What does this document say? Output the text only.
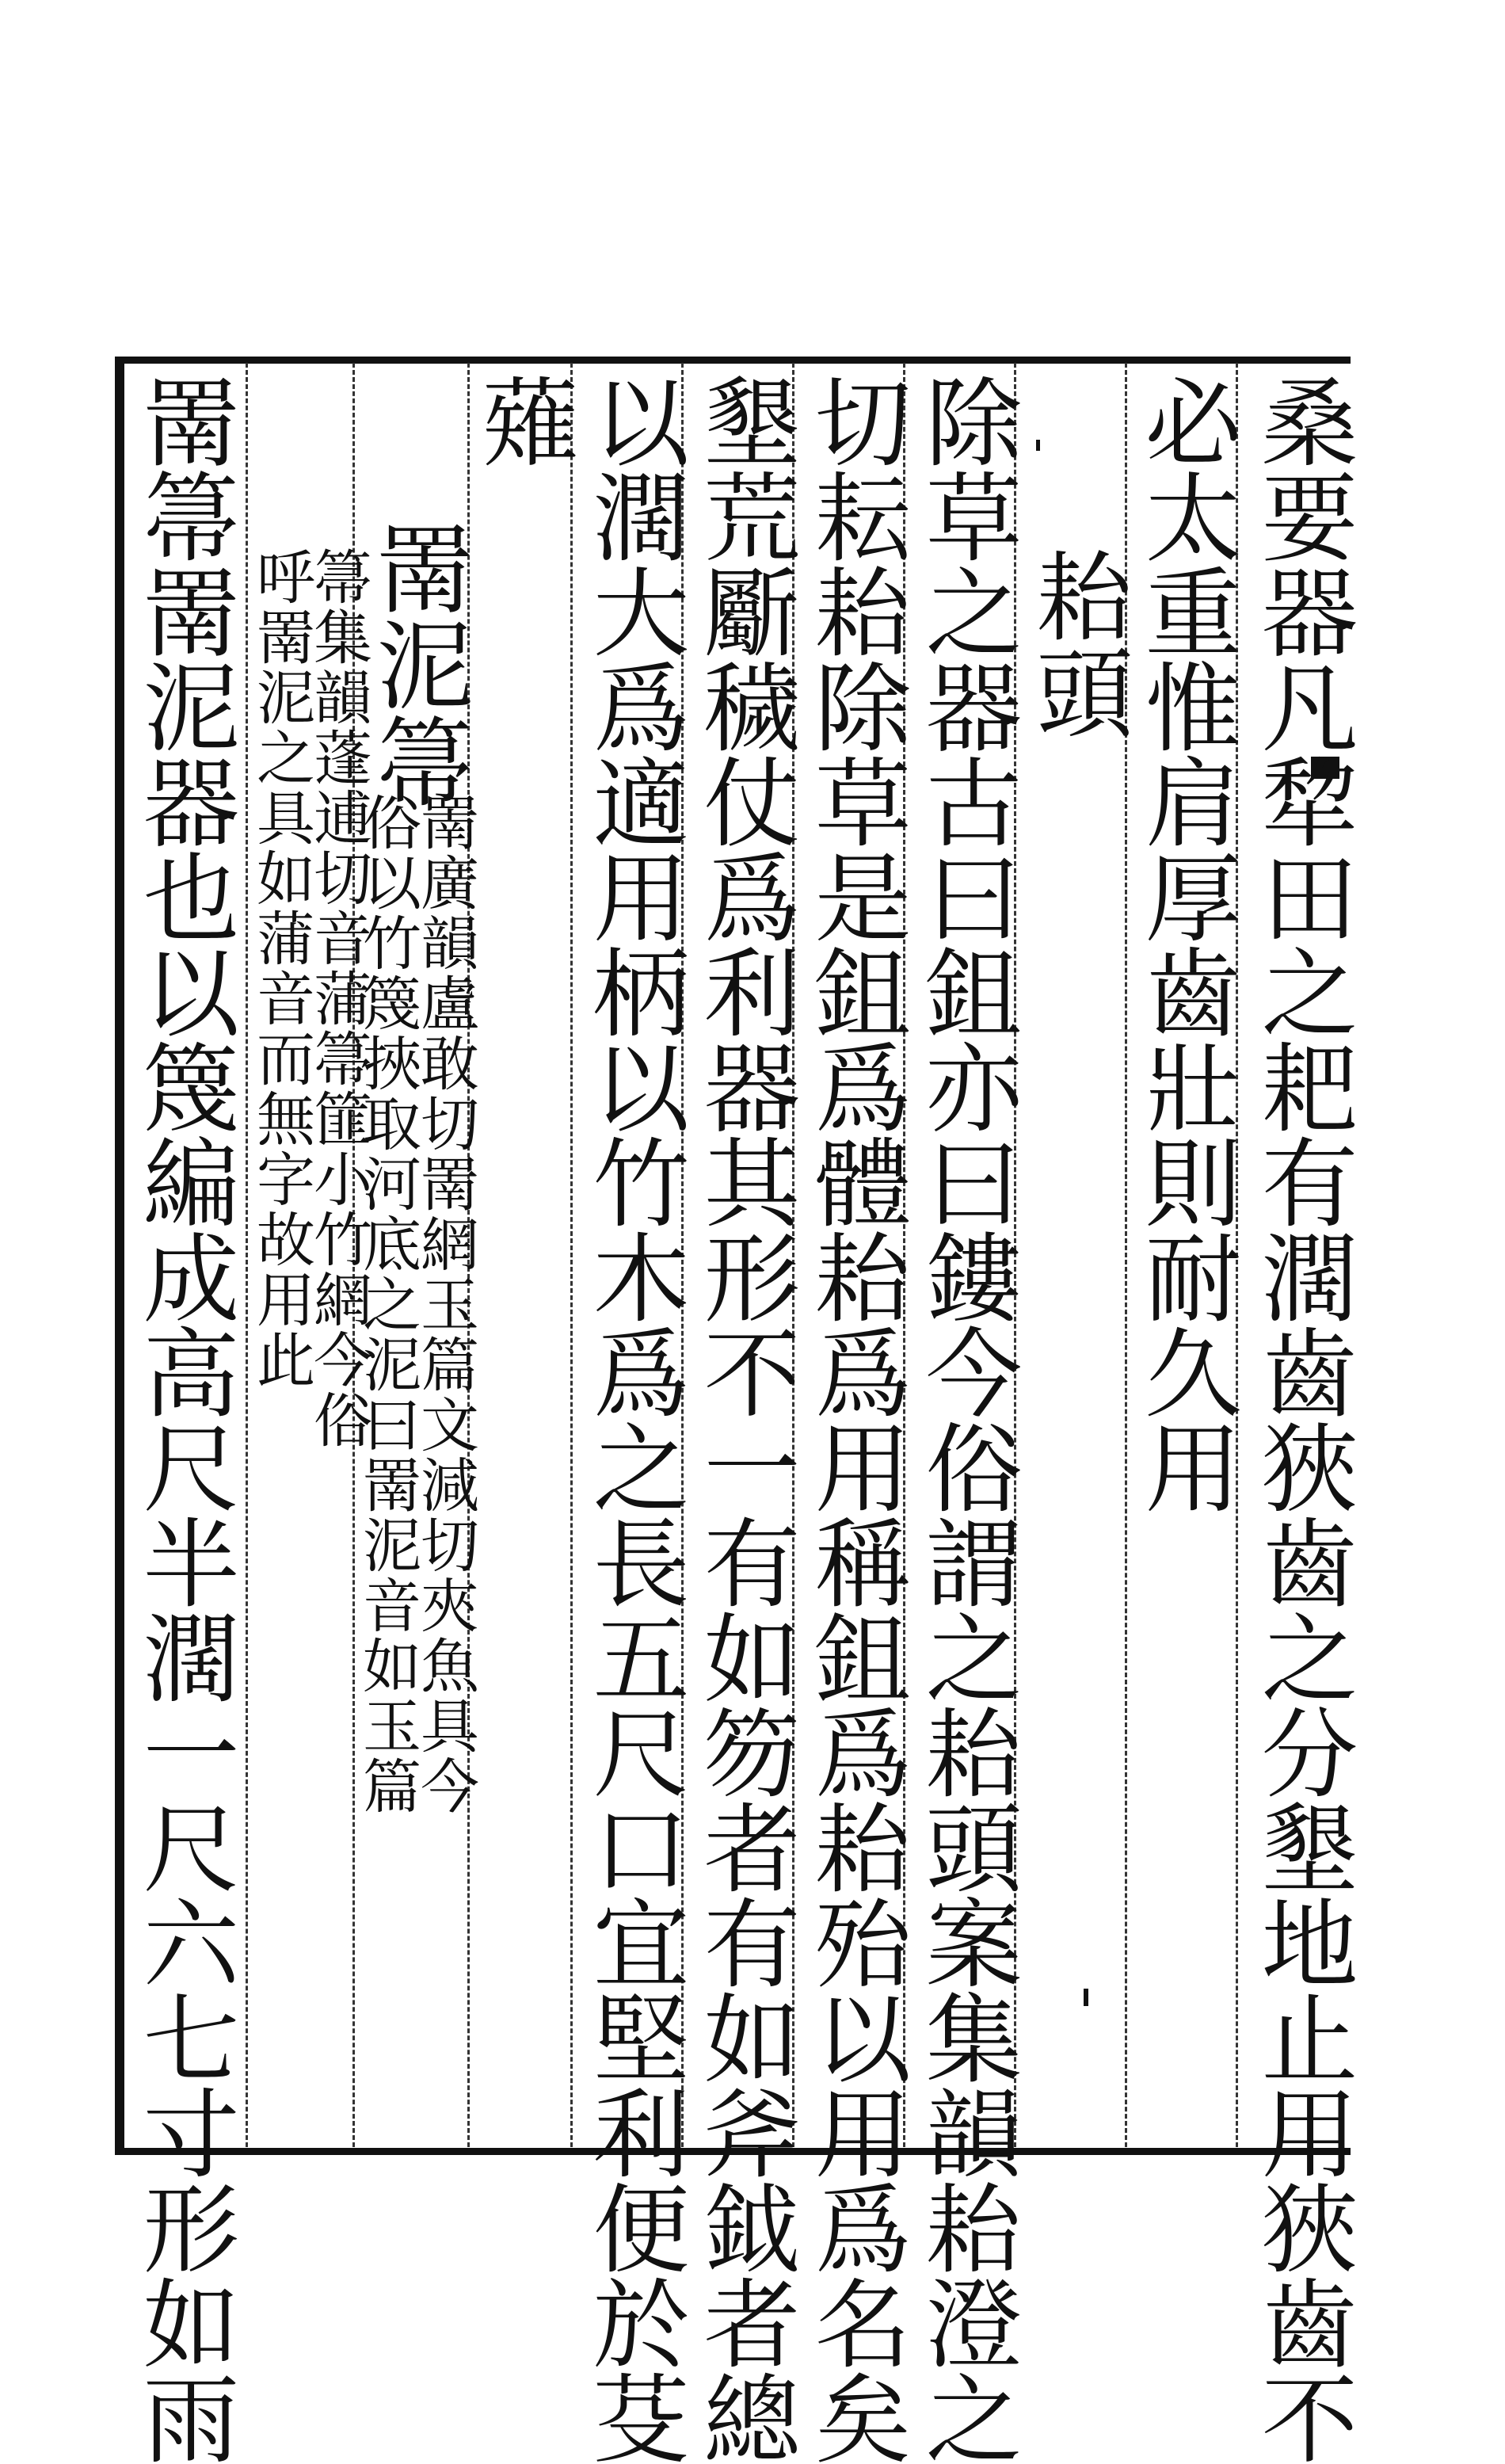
桑要器凡犂田之耙有濶齒狹齒之分墾地止用狹齒不
必太重惟肩厚齒壯則耐久用
耛頭
除草之器古曰鉏亦曰鏤今俗謂之耛頭案集韻耛澄之
切耘耛除草是鉏爲體耛爲用稱鉏爲耛殆以用爲名矣
墾荒斸穢仗爲利器其形不一有如笏者有如斧鉞者總
以濶大爲適用柄以竹木爲之長五尺口宜堅利便於芟
薙
罱泥箒
罱廣韻盧敢切罱網玉篇文減切夾魚具今
俗以竹篾挾取河底之泥曰罱泥音如玉篇
箒集韻蓬逋切音蒲箒篚小竹網今俗
呼罱泥之具如蒲音而無字故用此
罱箒罱泥器也以篾編成高尺半濶一尺六七寸形如雨
